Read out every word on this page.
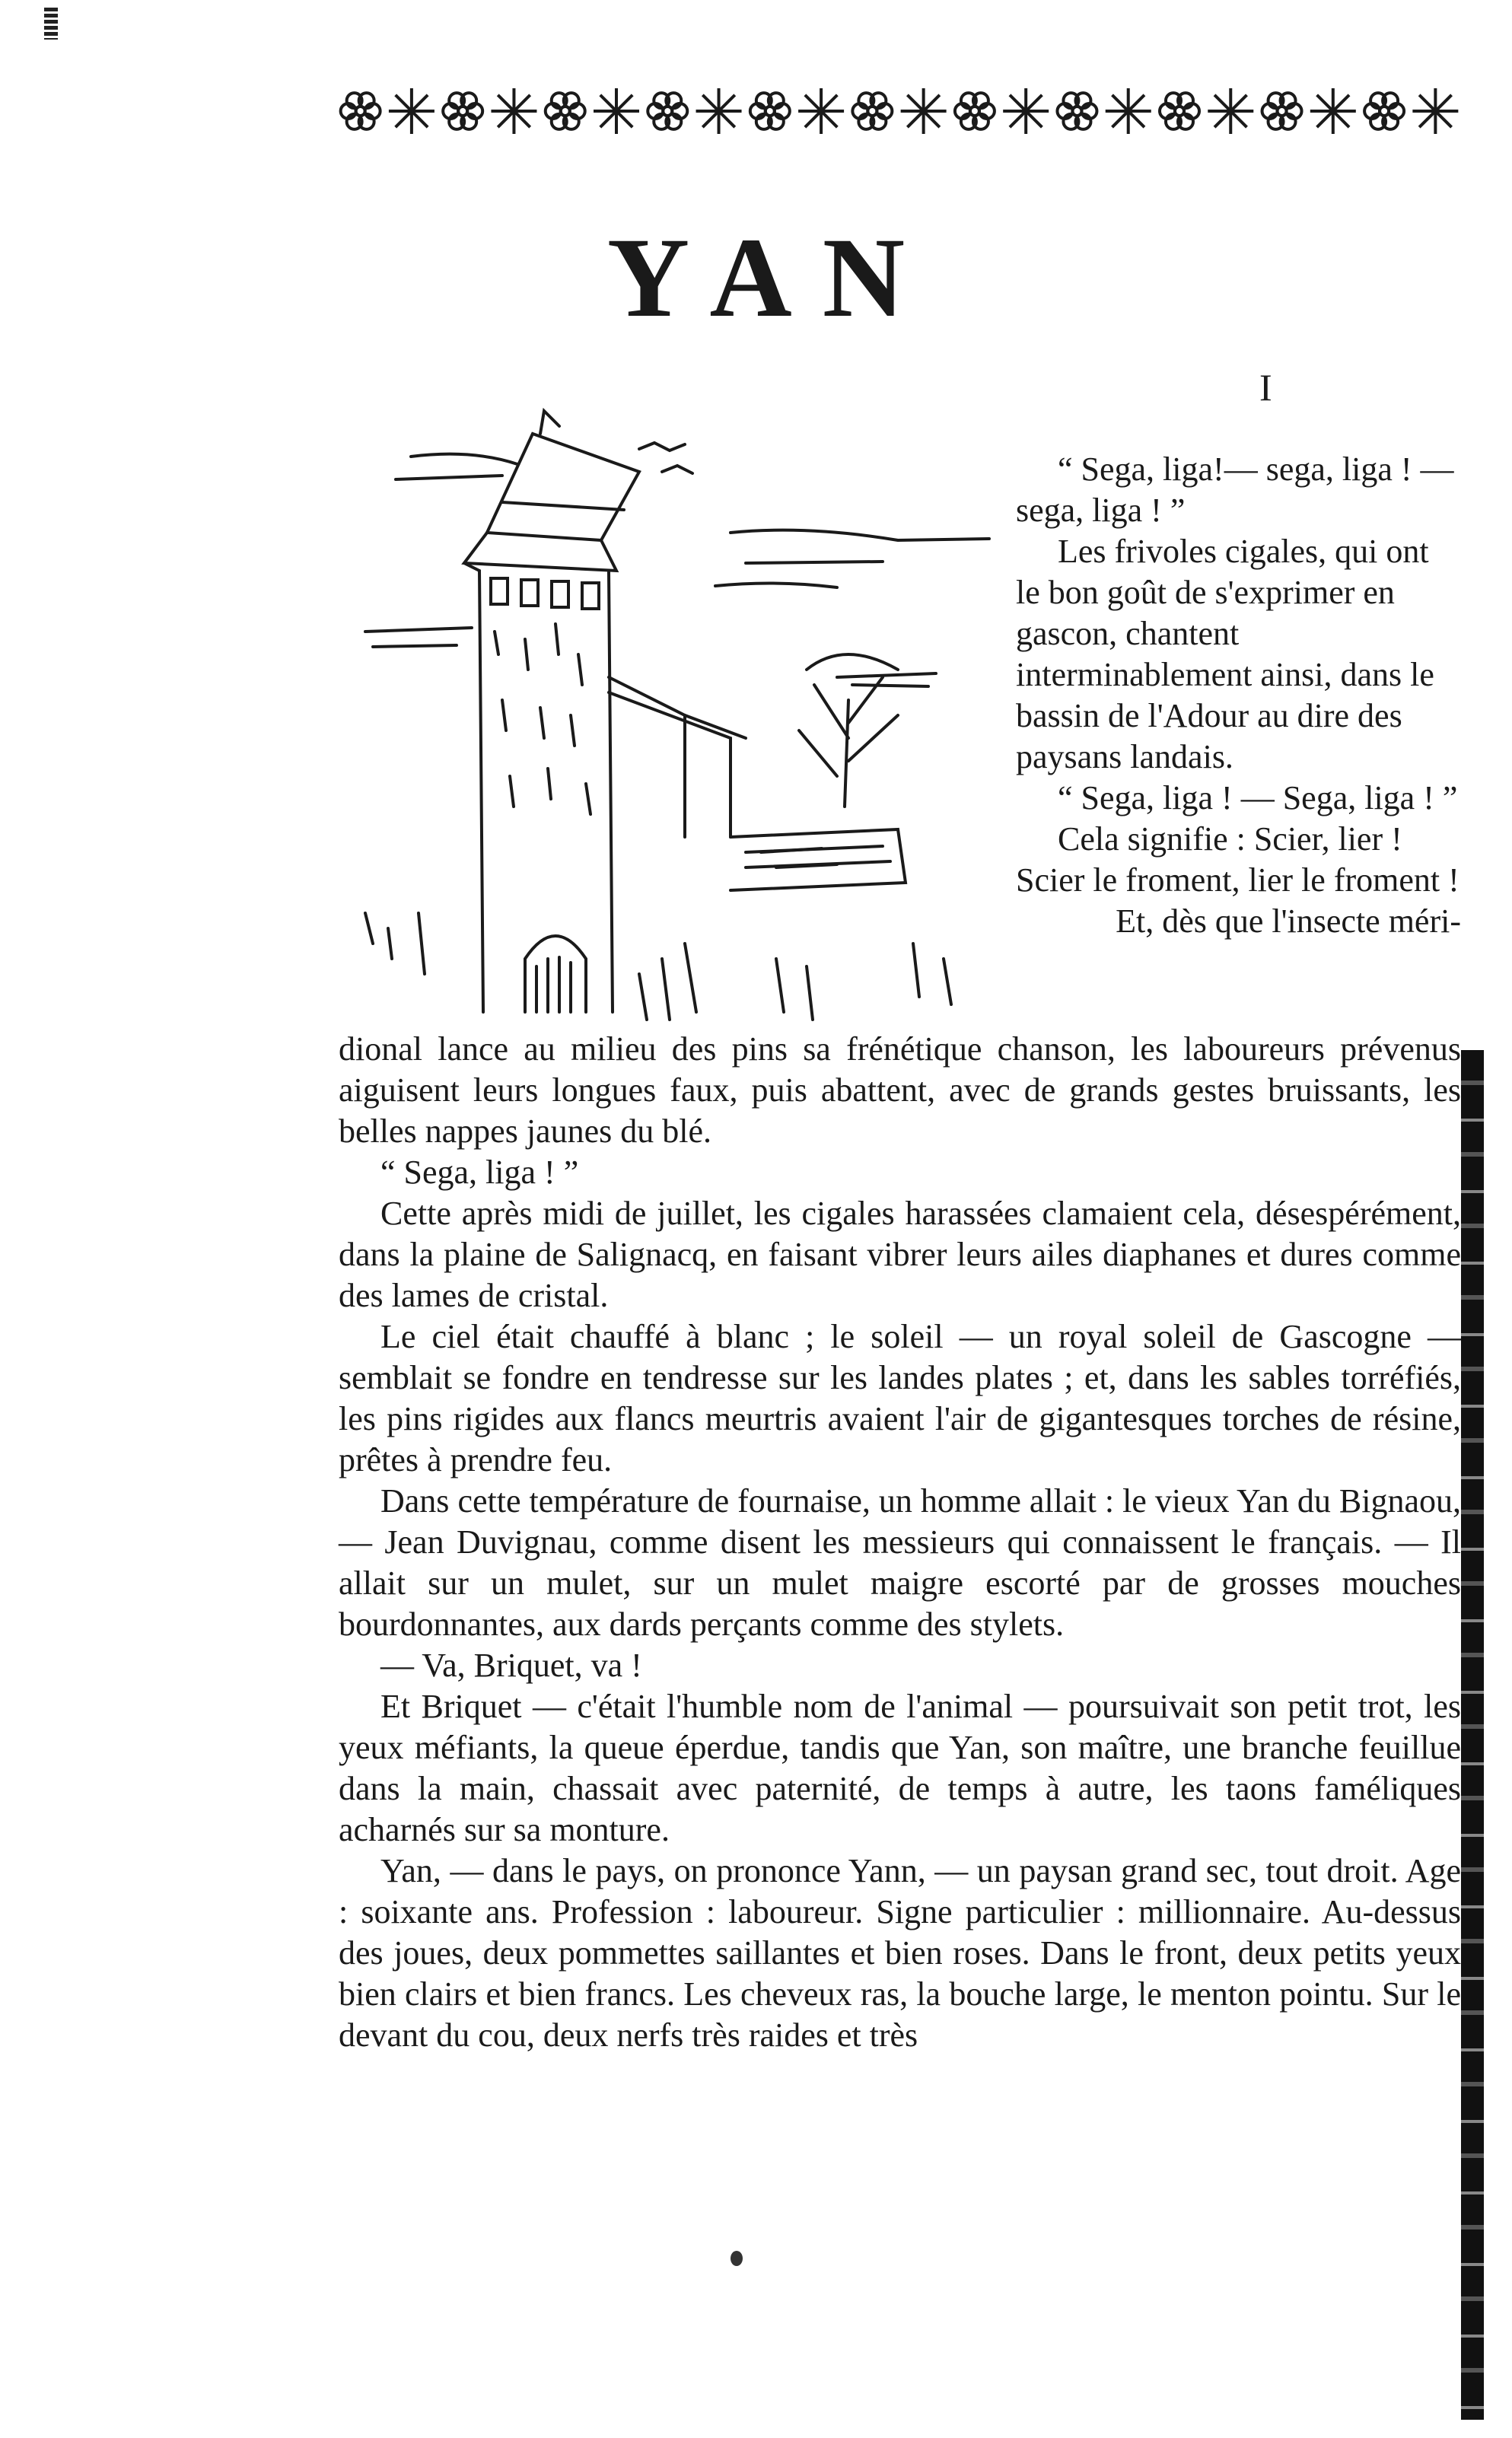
YAN
I

“ Sega, liga!— sega, liga ! — sega, liga ! ”

Les frivoles cigales, qui ont le bon goût de s'exprimer en gascon, chantent interminablement ainsi, dans le bassin de l'Adour au dire des paysans landais.

“ Sega, liga ! — Sega, liga ! ”

Cela signifie : Scier, lier ! Scier le froment, lier le froment !

Et, dès que l'insecte méri-

dional lance au milieu des pins sa frénétique chanson, les laboureurs prévenus aiguisent leurs longues faux, puis abattent, avec de grands gestes bruissants, les belles nappes jaunes du blé.

“ Sega, liga ! ”

Cette après midi de juillet, les cigales harassées clamaient cela, désespérément, dans la plaine de Salignacq, en faisant vibrer leurs ailes diaphanes et dures comme des lames de cristal.

Le ciel était chauffé à blanc ; le soleil — un royal soleil de Gascogne — semblait se fondre en tendresse sur les landes plates ; et, dans les sables torréfiés, les pins rigides aux flancs meurtris avaient l'air de gigantesques torches de résine, prêtes à prendre feu.

Dans cette température de fournaise, un homme allait : le vieux Yan du Bignaou, — Jean Duvignau, comme disent les messieurs qui connaissent le français. — Il allait sur un mulet, sur un mulet maigre escorté par de grosses mouches bourdonnantes, aux dards perçants comme des stylets.

— Va, Briquet, va !

Et Briquet — c'était l'humble nom de l'animal — poursuivait son petit trot, les yeux méfiants, la queue éperdue, tandis que Yan, son maître, une branche feuillue dans la main, chassait avec paternité, de temps à autre, les taons faméliques acharnés sur sa monture.

Yan, — dans le pays, on prononce Yann, — un paysan grand sec, tout droit. Age : soixante ans. Profession : laboureur. Signe particulier : millionnaire. Au-dessus des joues, deux pommettes saillantes et bien roses. Dans le front, deux petits yeux bien clairs et bien francs. Les cheveux ras, la bouche large, le menton pointu. Sur le devant du cou, deux nerfs très raides et très
